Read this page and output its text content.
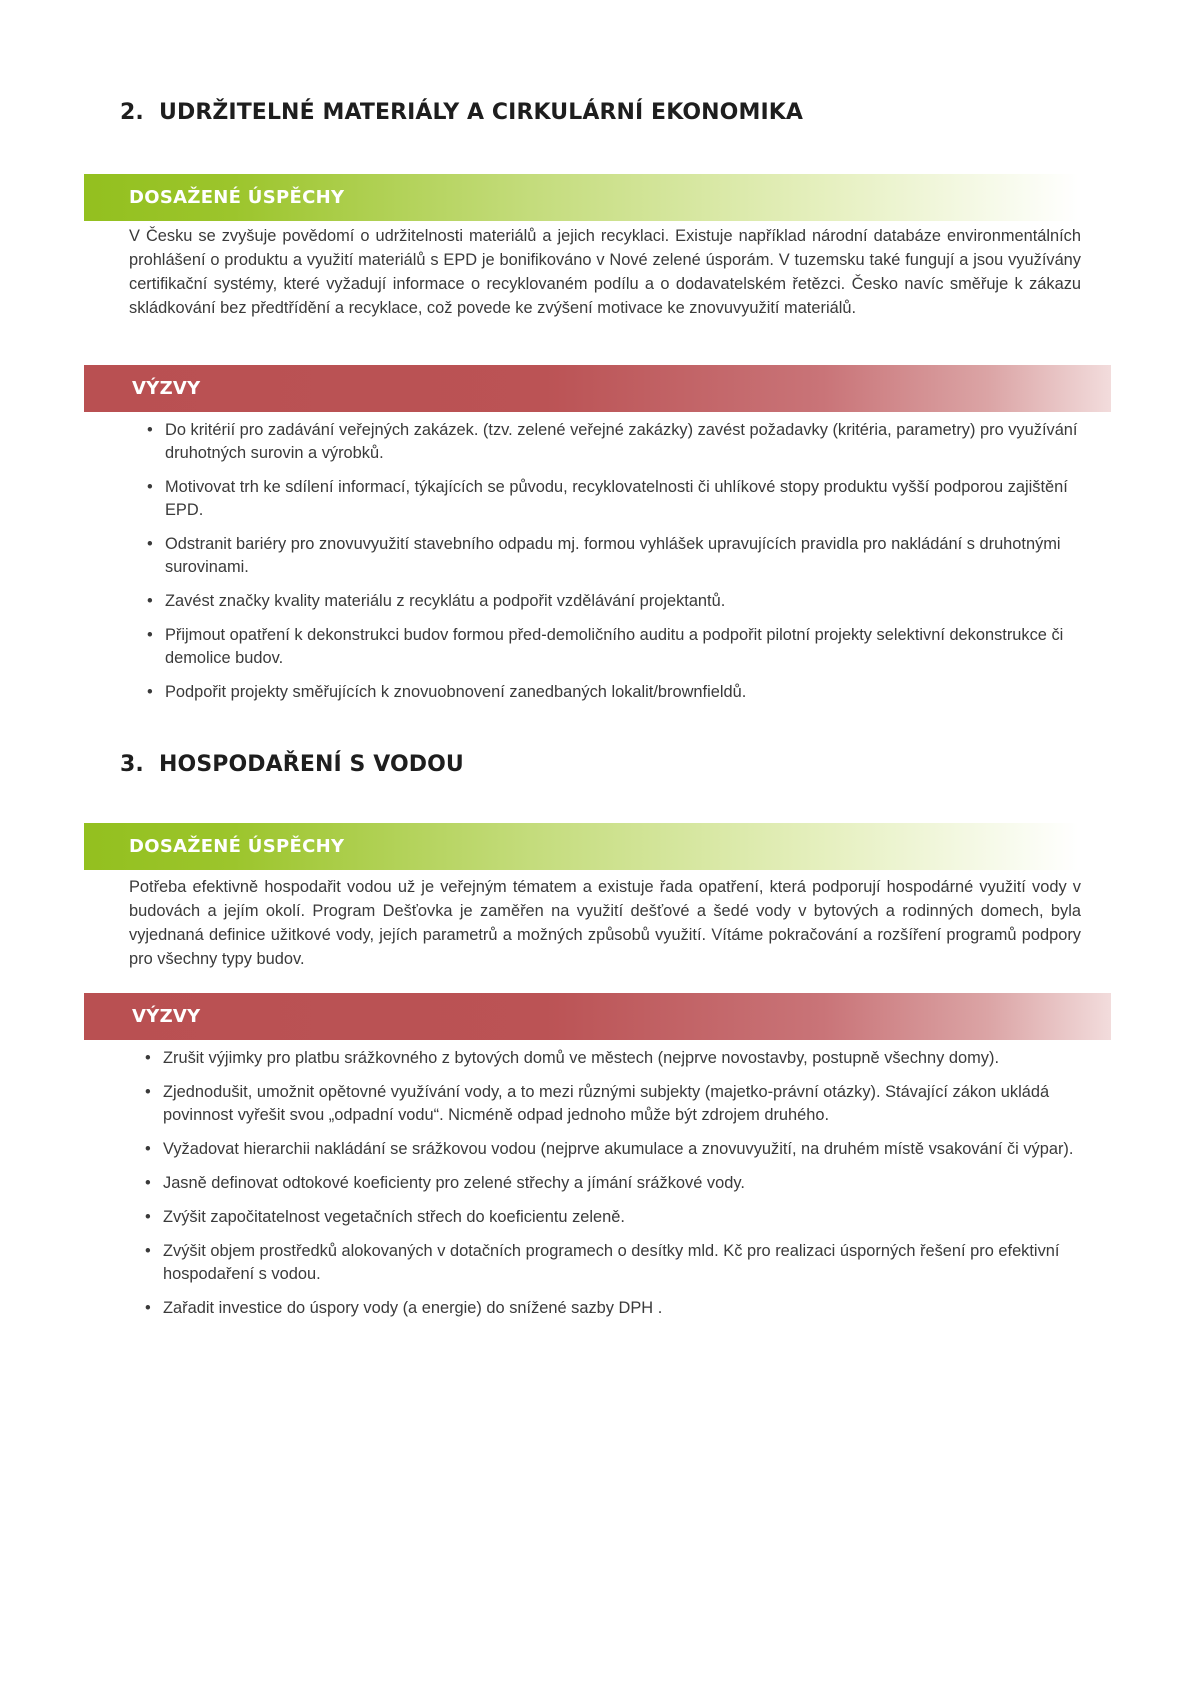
2. UDRŽITELNÉ MATERIÁLY A CIRKULÁRNÍ EKONOMIKA
DOSAŽENÉ ÚSPĚCHY

V Česku se zvyšuje povědomí o udržitelnosti materiálů a jejich recyklaci. Existuje například národní databáze environmentálních prohlášení o produktu a využití materiálů s EPD je bonifikováno v Nové zelené úsporám. V tuzemsku také fungují a jsou využívány certifikační systémy, které vyžadují informace o recyklovaném podílu a o dodavatelském řetězci. Česko navíc směřuje k zákazu skládkování bez předtřídění a recyklace, což povede ke zvýšení motivace ke znovuvyužití materiálů.

VÝZVY
• Do kritérií pro zadávání veřejných zakázek. (tzv. zelené veřejné zakázky) zavést požadavky (kritéria, parametry) pro využívání druhotných surovin a výrobků.
• Motivovat trh ke sdílení informací, týkajících se původu, recyklovatelnosti či uhlíkové stopy produktu vyšší podporou zajištění EPD.
• Odstranit bariéry pro znovuvyužití stavebního odpadu mj. formou vyhlášek upravujících pravidla pro nakládání s druhotnými surovinami.
• Zavést značky kvality materiálu z recyklátu a podpořit vzdělávání projektantů.
• Přijmout opatření k dekonstrukci budov formou před-demoličního auditu a podpořit pilotní projekty selektivní dekonstrukce či demolice budov.
• Podpořit projekty směřujících k znovuobnovení zanedbaných lokalit/brownfieldů.
3. HOSPODAŘENÍ S VODOU
DOSAŽENÉ ÚSPĚCHY

Potřeba efektivně hospodařit vodou už je veřejným tématem a existuje řada opatření, která podporují hospodárné využití vody v budovách a jejím okolí. Program Dešťovka je zaměřen na využití dešťové a šedé vody v bytových a rodinných domech, byla vyjednaná definice užitkové vody, jejích parametrů a možných způsobů využití. Vítáme pokračování a rozšíření programů podpory pro všechny typy budov.

VÝZVY
• Zrušit výjimky pro platbu srážkovného z bytových domů ve městech (nejprve novostavby, postupně všechny domy).
• Zjednodušit, umožnit opětovné využívání vody, a to mezi různými subjekty (majetko-právní otázky). Stávající zákon ukládá povinnost vyřešit svou „odpadní vodu“. Nicméně odpad jednoho může být zdrojem druhého.
• Vyžadovat hierarchii nakládání se srážkovou vodou (nejprve akumulace a znovuvyužití, na druhém místě vsakování či výpar).
• Jasně definovat odtokové koeficienty pro zelené střechy a jímání srážkové vody.
• Zvýšit započitatelnost vegetačních střech do koeficientu zeleně.
• Zvýšit objem prostředků alokovaných v dotačních programech o desítky mld. Kč pro realizaci úsporných řešení pro efektivní hospodaření s vodou.
• Zařadit investice do úspory vody (a energie) do snížené sazby DPH .
